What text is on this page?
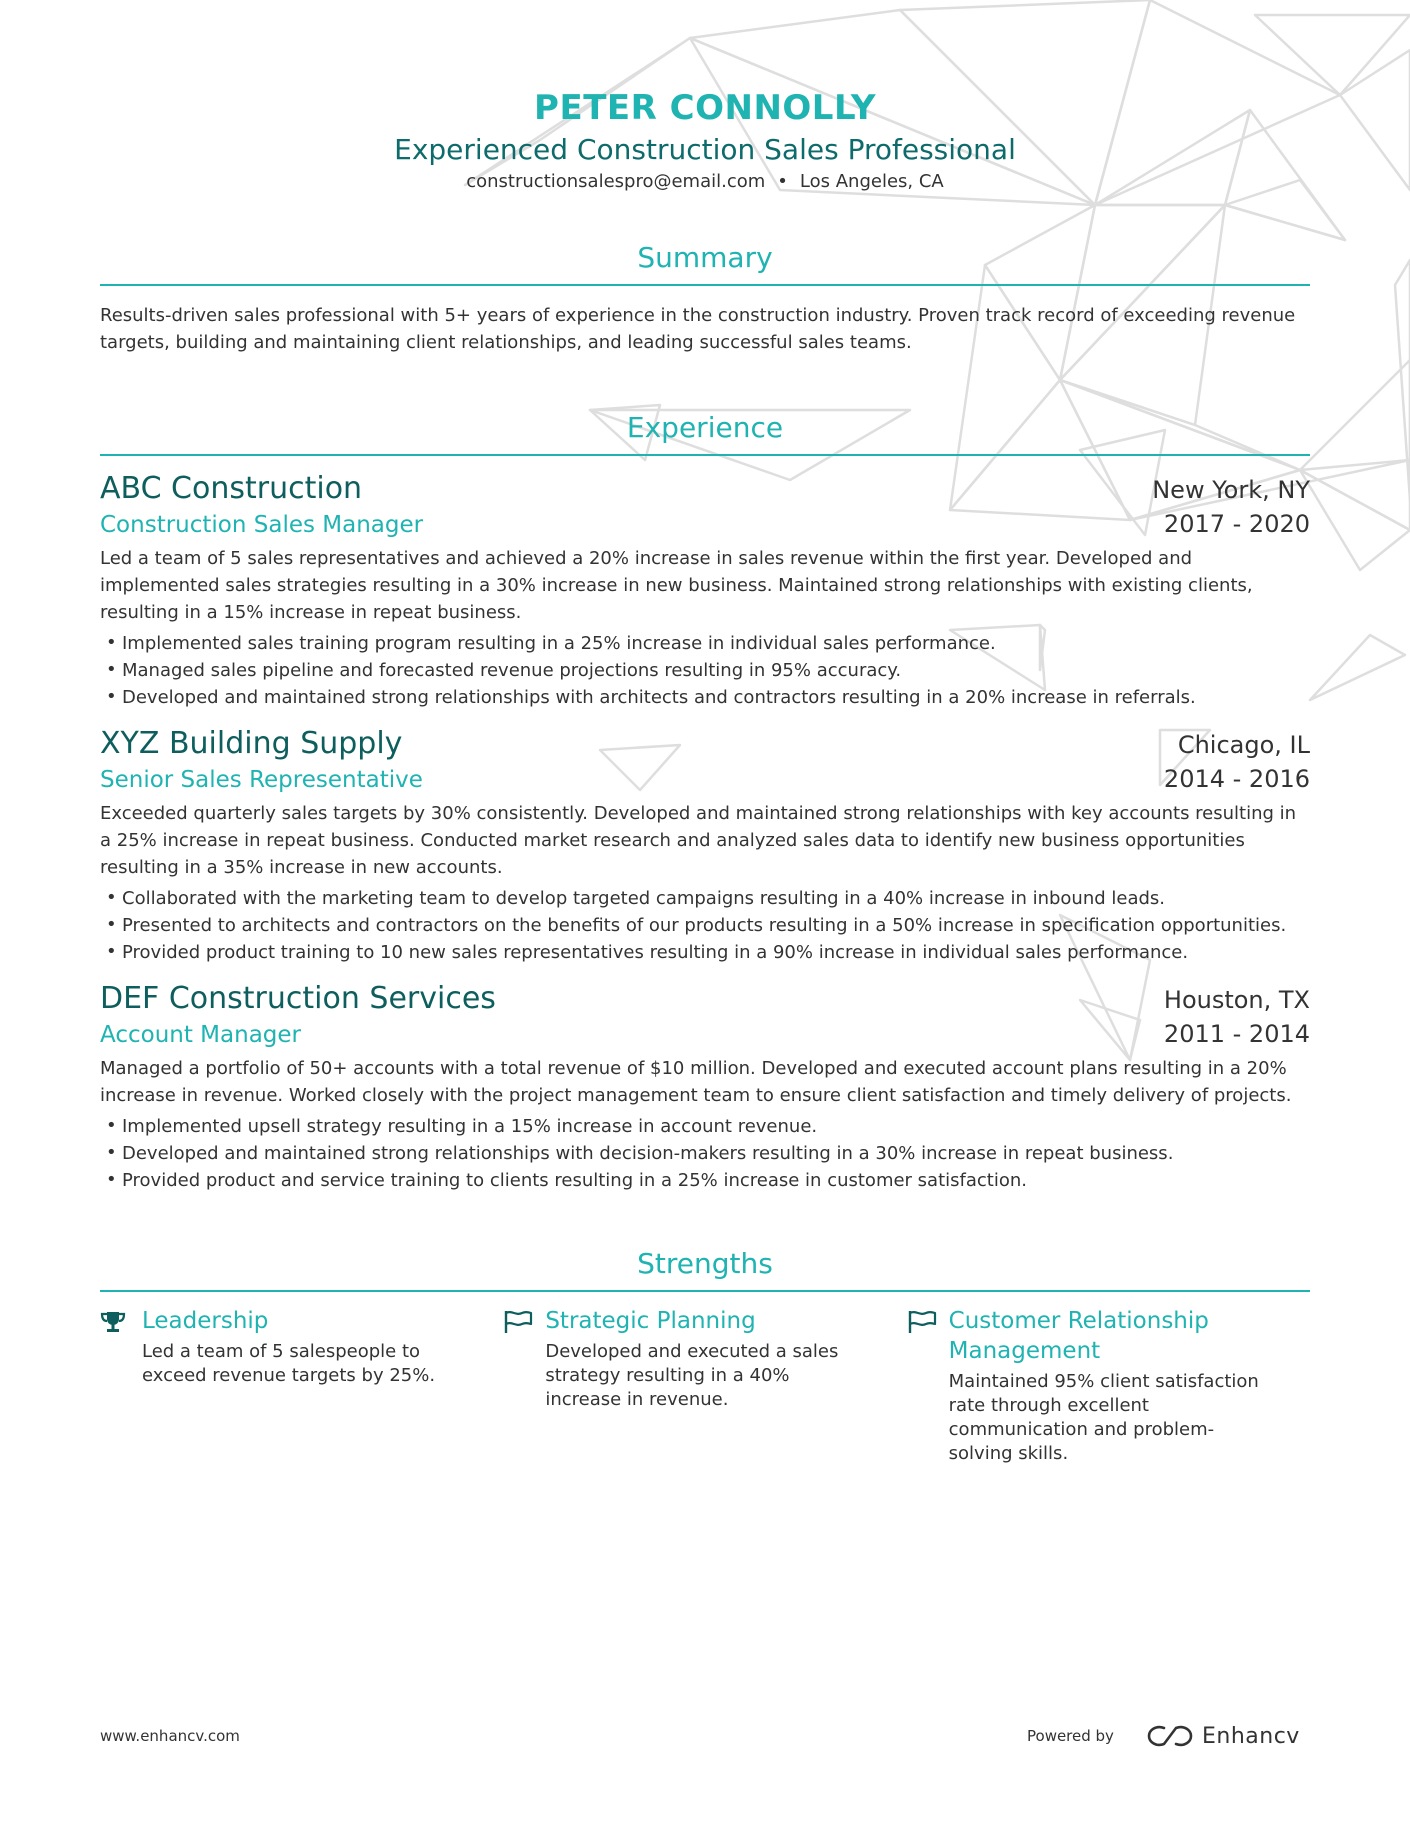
PETER CONNOLLY
Experienced Construction Sales Professional
constructionsalespro@email.com • Los Angeles, CA
Summary
Results-driven sales professional with 5+ years of experience in the construction industry. Proven track record of exceeding revenue targets, building and maintaining client relationships, and leading successful sales teams.
Experience
ABC Construction	New York, NY
Construction Sales Manager	2017 - 2020
Led a team of 5 sales representatives and achieved a 20% increase in sales revenue within the first year. Developed and implemented sales strategies resulting in a 30% increase in new business. Maintained strong relationships with existing clients, resulting in a 15% increase in repeat business.
• Implemented sales training program resulting in a 25% increase in individual sales performance.
• Managed sales pipeline and forecasted revenue projections resulting in 95% accuracy.
• Developed and maintained strong relationships with architects and contractors resulting in a 20% increase in referrals.
XYZ Building Supply	Chicago, IL
Senior Sales Representative	2014 - 2016
Exceeded quarterly sales targets by 30% consistently. Developed and maintained strong relationships with key accounts resulting in a 25% increase in repeat business. Conducted market research and analyzed sales data to identify new business opportunities resulting in a 35% increase in new accounts.
• Collaborated with the marketing team to develop targeted campaigns resulting in a 40% increase in inbound leads.
• Presented to architects and contractors on the benefits of our products resulting in a 50% increase in specification opportunities.
• Provided product training to 10 new sales representatives resulting in a 90% increase in individual sales performance.
DEF Construction Services	Houston, TX
Account Manager	2011 - 2014
Managed a portfolio of 50+ accounts with a total revenue of $10 million. Developed and executed account plans resulting in a 20% increase in revenue. Worked closely with the project management team to ensure client satisfaction and timely delivery of projects.
• Implemented upsell strategy resulting in a 15% increase in account revenue.
• Developed and maintained strong relationships with decision-makers resulting in a 30% increase in repeat business.
• Provided product and service training to clients resulting in a 25% increase in customer satisfaction.
Strengths
Leadership
Led a team of 5 salespeople to exceed revenue targets by 25%.
Strategic Planning
Developed and executed a sales strategy resulting in a 40% increase in revenue.
Customer Relationship Management
Maintained 95% client satisfaction rate through excellent communication and problem-solving skills.
www.enhancv.com	Powered by	Enhancv
